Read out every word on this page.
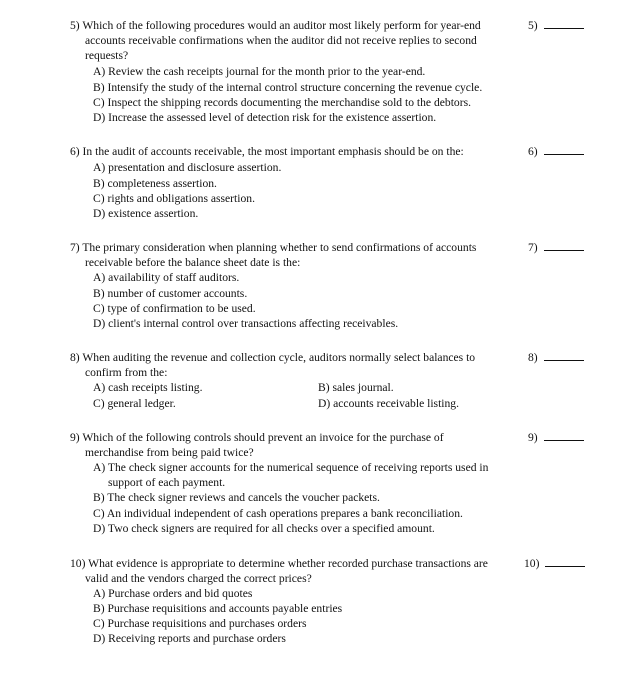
5) Which of the following procedures would an auditor most likely perform for year-end
accounts receivable confirmations when the auditor did not receive replies to second
requests?
5)
A) Review the cash receipts journal for the month prior to the year-end.
B) Intensify the study of the internal control structure concerning the revenue cycle.
C) Inspect the shipping records documenting the merchandise sold to the debtors.
D) Increase the assessed level of detection risk for the existence assertion.
6) In the audit of accounts receivable, the most important emphasis should be on the:	6)
A) presentation and disclosure assertion.
B) completeness assertion.
C) rights and obligations assertion.
D) existence assertion.
7) The primary consideration when planning whether to send confirmations of accounts
receivable before the balance sheet date is the:
7)
A) availability of staff auditors.
B) number of customer accounts.
C) type of confirmation to be used.
D) client's internal control over transactions affecting receivables.
8) When auditing the revenue and collection cycle, auditors normally select balances to
confirm from the:
8)
A) cash receipts listing.	B) sales journal.
C) general ledger.	D) accounts receivable listing.
9) Which of the following controls should prevent an invoice for the purchase of
merchandise from being paid twice?
9)
A) The check signer accounts for the numerical sequence of receiving reports used in
support of each payment.
B) The check signer reviews and cancels the voucher packets.
C) An individual independent of cash operations prepares a bank reconciliation.
D) Two check signers are required for all checks over a specified amount.
10) What evidence is appropriate to determine whether recorded purchase transactions are
valid and the vendors charged the correct prices?
10)
A) Purchase orders and bid quotes
B) Purchase requisitions and accounts payable entries
C) Purchase requisitions and purchases orders
D) Receiving reports and purchase orders
